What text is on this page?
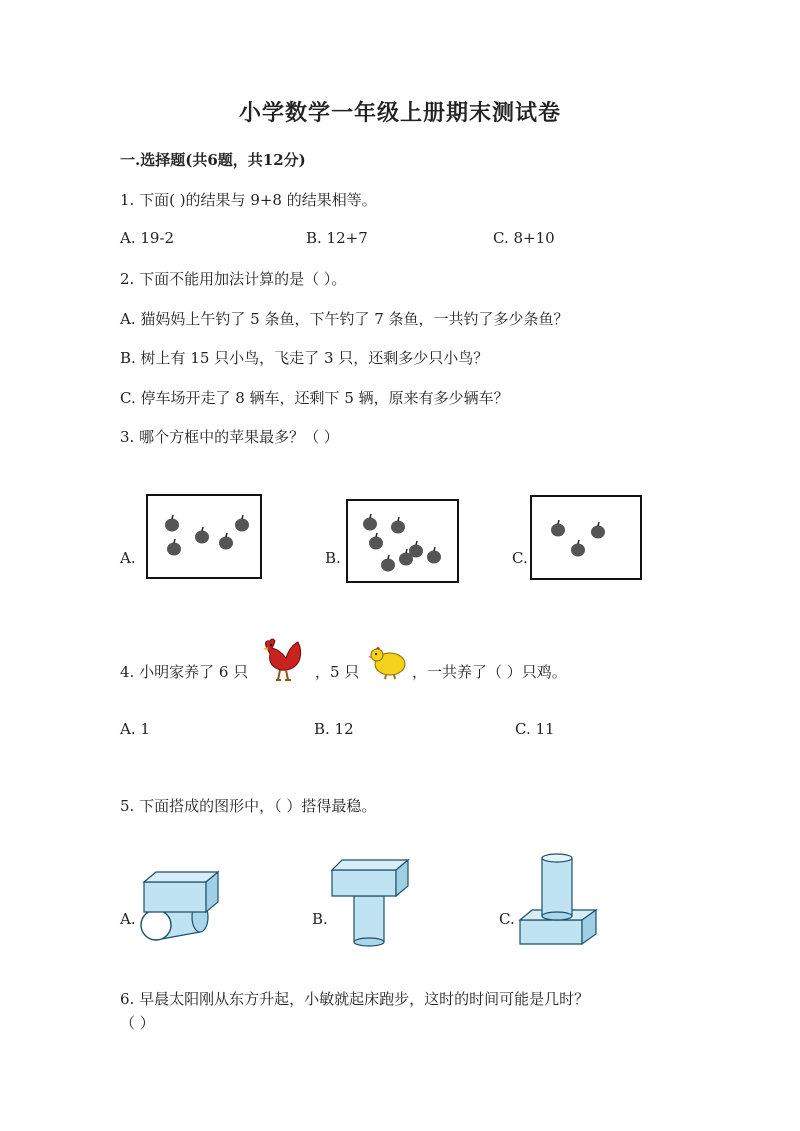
小学数学一年级上册期末测试卷
一.选择题(共6题，共12分)
1. 下面( )的结果与 9+8 的结果相等。
A. 19-2	B. 12+7	C. 8+10
2. 下面不能用加法计算的是（ ）。
A. 猫妈妈上午钓了 5 条鱼，下午钓了 7 条鱼，一共钓了多少条鱼？
B. 树上有 15 只小鸟，飞走了 3 只，还剩多少只小鸟？
C. 停车场开走了 8 辆车，还剩下 5 辆，原来有多少辆车？
3. 哪个方框中的苹果最多？（ ）
A.	B.	C.
4. 小明家养了 6 只	，5 只	，一共养了（ ）只鸡。
A. 1	B. 12	C. 11
5. 下面搭成的图形中，（ ）搭得最稳。
A.	B.	C.
6. 早晨太阳刚从东方升起，小敏就起床跑步，这时的时间可能是几时？
（ ）
